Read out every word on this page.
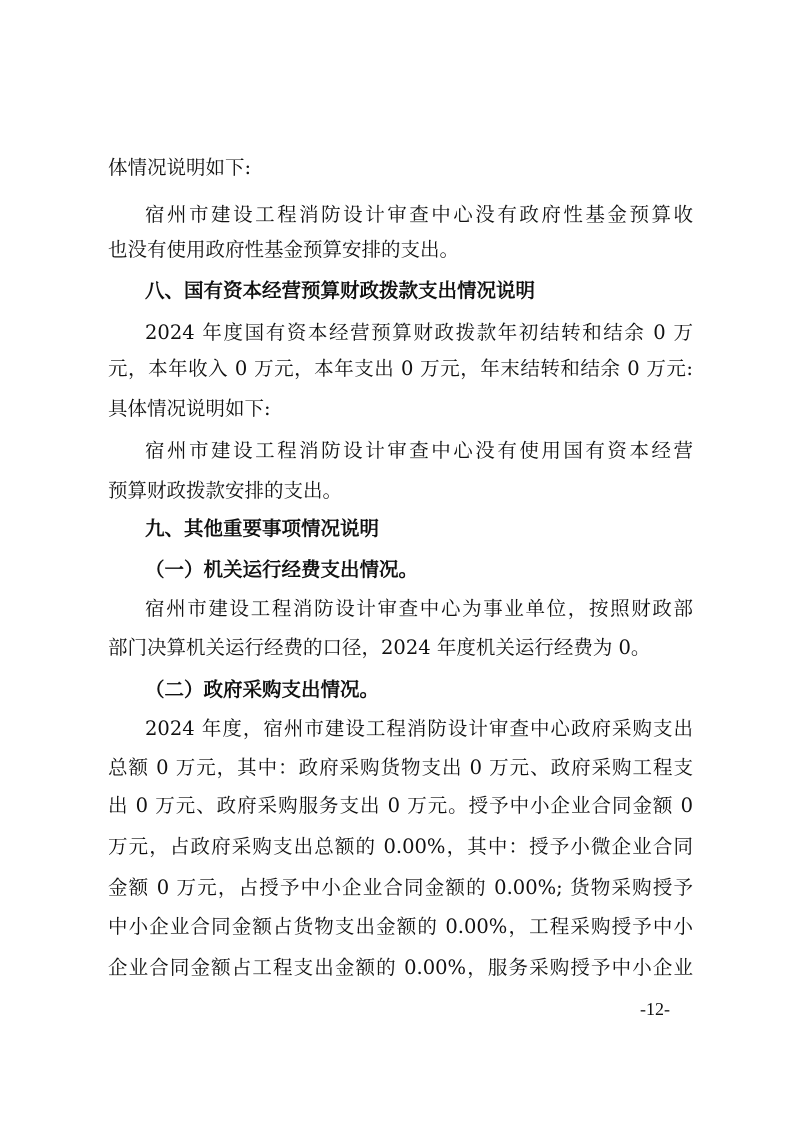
体情况说明如下:
宿州市建设工程消防设计审查中心没有政府性基金预算收
也没有使用政府性基金预算安排的支出。
八、国有资本经营预算财政拨款支出情况说明
2024 年度国有资本经营预算财政拨款年初结转和结余 0 万
元，本年收入 0 万元，本年支出 0 万元，年末结转和结余 0 万元:
具体情况说明如下:
宿州市建设工程消防设计审查中心没有使用国有资本经营
预算财政拨款安排的支出。
九、其他重要事项情况说明
（一）机关运行经费支出情况。
宿州市建设工程消防设计审查中心为事业单位，按照财政部
部门决算机关运行经费的口径，2024 年度机关运行经费为 0。
（二）政府采购支出情况。
2024 年度，宿州市建设工程消防设计审查中心政府采购支出
总额 0 万元，其中：政府采购货物支出 0 万元、政府采购工程支
出 0 万元、政府采购服务支出 0 万元。授予中小企业合同金额 0
万元，占政府采购支出总额的 0.00%，其中：授予小微企业合同
金额 0 万元，占授予中小企业合同金额的 0.00%; 货物采购授予
中小企业合同金额占货物支出金额的 0.00%，工程采购授予中小
企业合同金额占工程支出金额的 0.00%，服务采购授予中小企业
-12-
